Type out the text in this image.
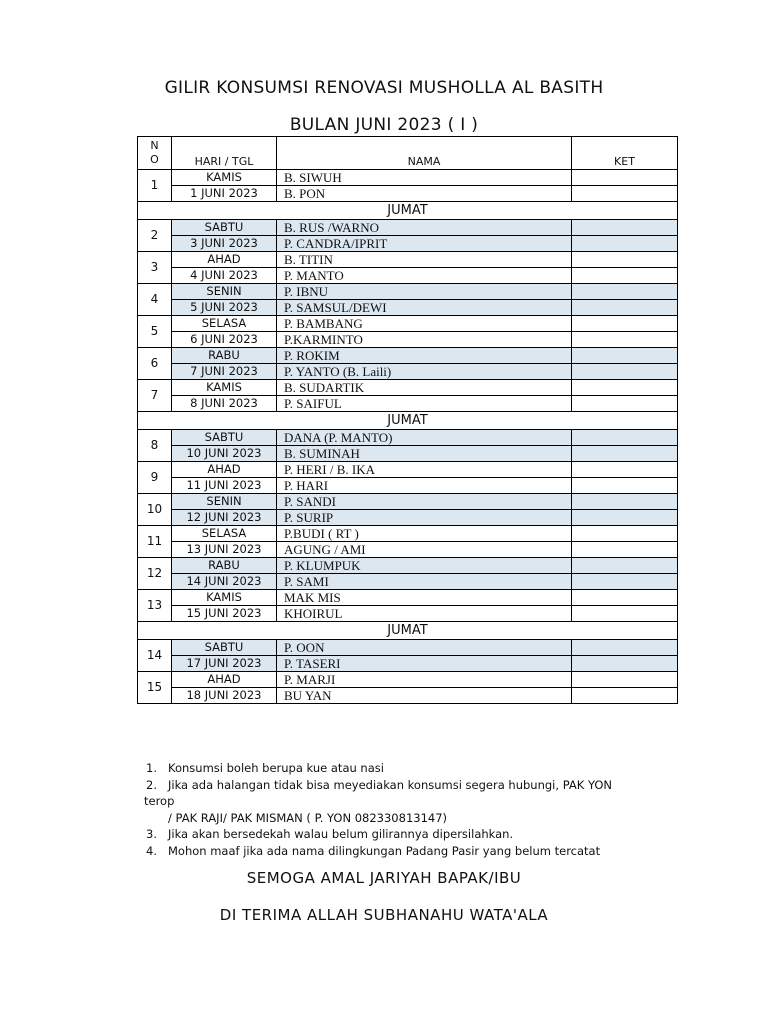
GILIR KONSUMSI RENOVASI MUSHOLLA AL BASITH
BULAN JUNI 2023 ( I )
N
O	HARI / TGL	NAMA	KET
1	KAMIS	B. SIWUH	
	1 JUNI 2023	B. PON	
JUMAT			
2	SABTU	B. RUS /WARNO	
	3 JUNI 2023	P. CANDRA/IPRIT	
3	AHAD	B. TITIN	
	4 JUNI 2023	P. MANTO	
4	SENIN	P. IBNU	
	5 JUNI 2023	P. SAMSUL/DEWI	
5	SELASA	P. BAMBANG	
	6 JUNI 2023	P.KARMINTO	
6	RABU	P. ROKIM	
	7 JUNI 2023	P. YANTO (B. Laili)	
7	KAMIS	B. SUDARTIK	
	8 JUNI 2023	P. SAIFUL	
JUMAT			
8	SABTU	DANA (P. MANTO)	
	10 JUNI 2023	B. SUMINAH	
9	AHAD	P. HERI / B. IKA	
	11 JUNI 2023	P. HARI	
10	SENIN	P. SANDI	
	12 JUNI 2023	P. SURIP	
11	SELASA	P.BUDI ( RT )	
	13 JUNI 2023	AGUNG / AMI	
12	RABU	P. KLUMPUK	
	14 JUNI 2023	P. SAMI	
13	KAMIS	MAK MIS	
	15 JUNI 2023	KHOIRUL	
JUMAT			
14	SABTU	P. OON	
	17 JUNI 2023	P. TASERI	
15	AHAD	P. MARJI	
	18 JUNI 2023	BU YAN	
1. Konsumsi boleh berupa kue atau nasi
2. Jika ada halangan tidak bisa meyediakan konsumsi segera hubungi, PAK YON
terop
/ PAK RAJI/ PAK MISMAN ( P. YON 082330813147)
3. Jika akan bersedekah walau belum gilirannya dipersilahkan.
4. Mohon maaf jika ada nama dilingkungan Padang Pasir yang belum tercatat
SEMOGA AMAL JARIYAH BAPAK/IBU
DI TERIMA ALLAH SUBHANAHU WATA'ALA
